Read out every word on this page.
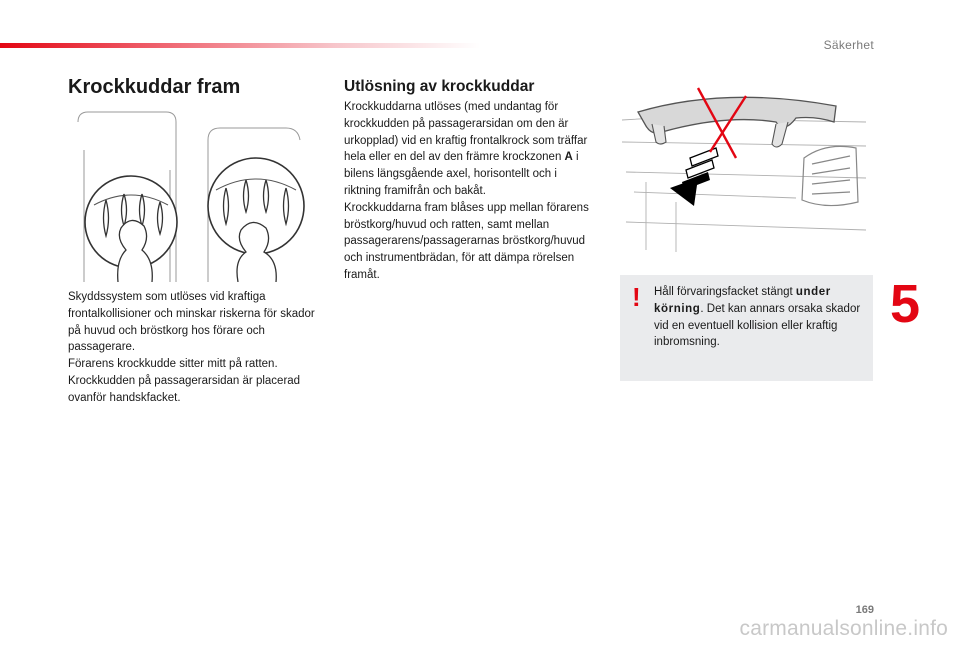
Säkerhet
Krockkuddar fram

Skyddssystem som utlöses vid kraftiga frontalkollisioner och minskar riskerna för skador på huvud och bröstkorg hos förare och passagerare.

Förarens krockkudde sitter mitt på ratten.

Krockkudden på passagerarsidan är placerad ovanför handskfacket.

Utlösning av krockkuddar

Krockkuddarna utlöses (med undantag för krockkudden på passagerarsidan om den är urkopplad) vid en kraftig frontalkrock som träffar hela eller en del av den främre krockzonen A i bilens längsgående axel, horisontellt och i riktning framifrån och bakåt.

Krockkuddarna fram blåses upp mellan förarens bröstkorg/huvud och ratten, samt mellan passagerarens/passagerarnas bröstkorg/huvud och instrumentbrädan, för att dämpa rörelsen framåt.

! Håll förvaringsfacket stängt under körning. Det kan annars orsaka skador vid en eventuell kollision eller kraftig inbromsning.

5
169
carmanualsonline.info
